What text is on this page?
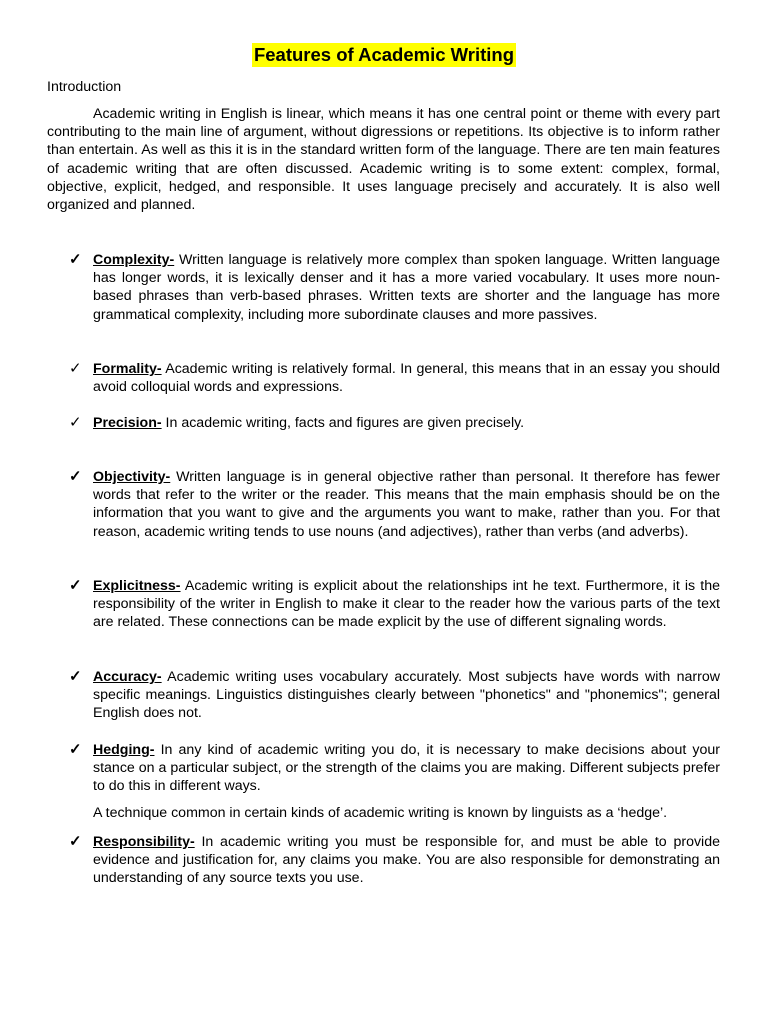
Features of Academic Writing
Introduction

Academic writing in English is linear, which means it has one central point or theme with every part contributing to the main line of argument, without digressions or repetitions. Its objective is to inform rather than entertain. As well as this it is in the standard written form of the language. There are ten main features of academic writing that are often discussed. Academic writing is to some extent: complex, formal, objective, explicit, hedged, and responsible. It uses language precisely and accurately. It is also well organized and planned.

✓ Complexity- Written language is relatively more complex than spoken language. Written language has longer words, it is lexically denser and it has a more varied vocabulary. It uses more noun-based phrases than verb-based phrases. Written texts are shorter and the language has more grammatical complexity, including more subordinate clauses and more passives.

✓ Formality- Academic writing is relatively formal. In general, this means that in an essay you should avoid colloquial words and expressions.

✓ Precision- In academic writing, facts and figures are given precisely.

✓ Objectivity- Written language is in general objective rather than personal. It therefore has fewer words that refer to the writer or the reader. This means that the main emphasis should be on the information that you want to give and the arguments you want to make, rather than you. For that reason, academic writing tends to use nouns (and adjectives), rather than verbs (and adverbs).

✓ Explicitness- Academic writing is explicit about the relationships int he text. Furthermore, it is the responsibility of the writer in English to make it clear to the reader how the various parts of the text are related. These connections can be made explicit by the use of different signaling words.

✓ Accuracy- Academic writing uses vocabulary accurately. Most subjects have words with narrow specific meanings. Linguistics distinguishes clearly between "phonetics" and "phonemics"; general English does not.

✓ Hedging- In any kind of academic writing you do, it is necessary to make decisions about your stance on a particular subject, or the strength of the claims you are making. Different subjects prefer to do this in different ways.

A technique common in certain kinds of academic writing is known by linguists as a ‘hedge’.

✓ Responsibility- In academic writing you must be responsible for, and must be able to provide evidence and justification for, any claims you make. You are also responsible for demonstrating an understanding of any source texts you use.
